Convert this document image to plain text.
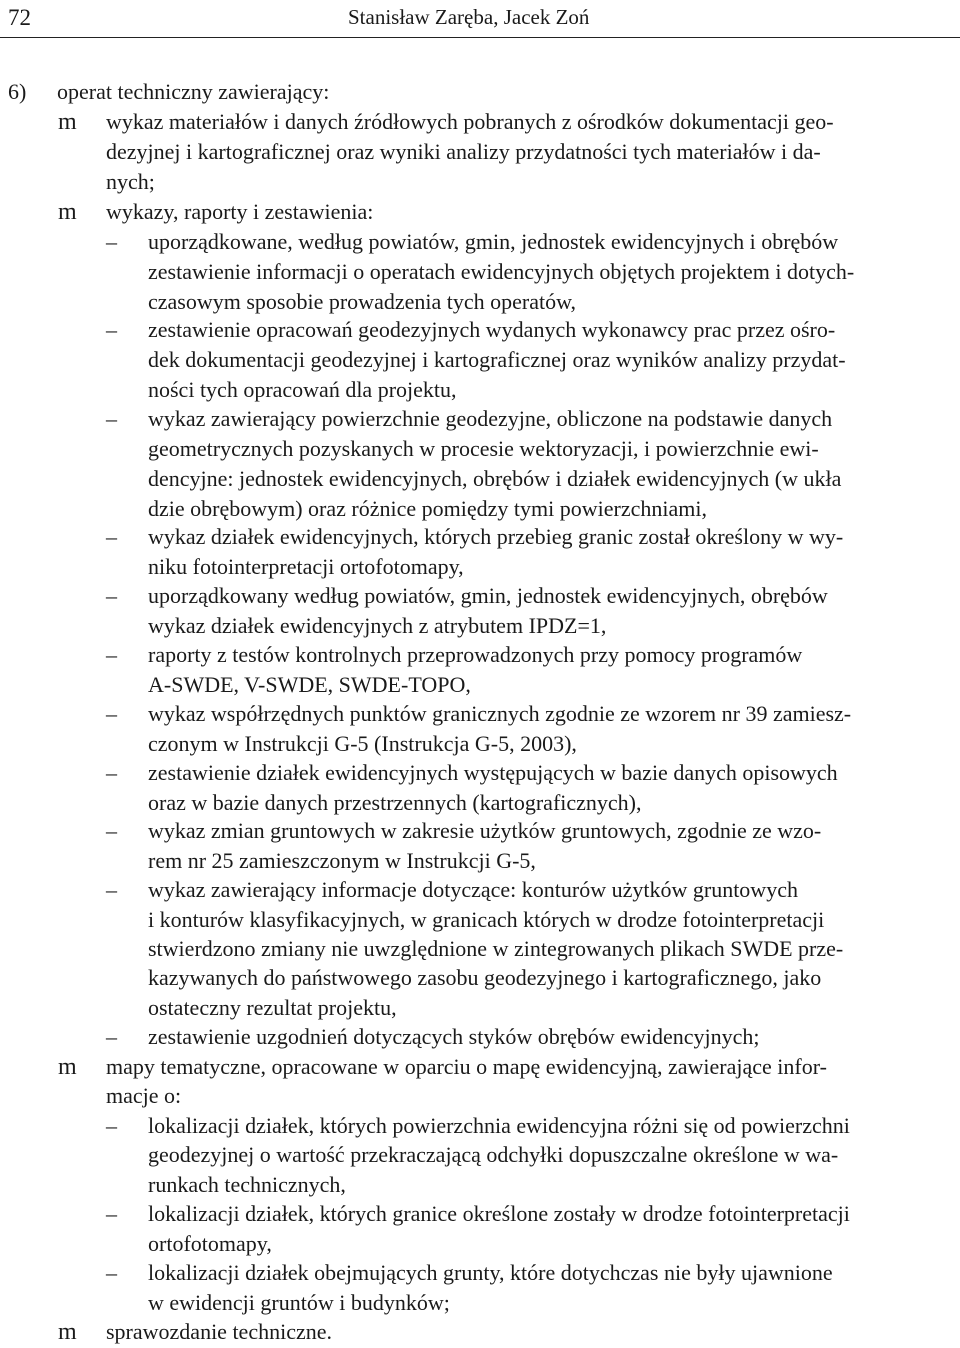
72	Stanisław Zaręba, Jacek Zoń
6) operat techniczny zawierający:
m wykaz materiałów i danych źródłowych pobranych z ośrodków dokumentacji geo-
dezyjnej i kartograficznej oraz wyniki analizy przydatności tych materiałów i da-
nych;
m wykazy, raporty i zestawienia:
– uporządkowane, według powiatów, gmin, jednostek ewidencyjnych i obrębów
zestawienie informacji o operatach ewidencyjnych objętych projektem i dotych-
czasowym sposobie prowadzenia tych operatów,
– zestawienie opracowań geodezyjnych wydanych wykonawcy prac przez ośro-
dek dokumentacji geodezyjnej i kartograficznej oraz wyników analizy przydat-
ności tych opracowań dla projektu,
– wykaz zawierający powierzchnie geodezyjne, obliczone na podstawie danych
geometrycznych pozyskanych w procesie wektoryzacji, i powierzchnie ewi-
dencyjne: jednostek ewidencyjnych, obrębów i działek ewidencyjnych (w ukła
dzie obrębowym) oraz różnice pomiędzy tymi powierzchniami,
– wykaz działek ewidencyjnych, których przebieg granic został określony w wy-
niku fotointerpretacji ortofotomapy,
– uporządkowany według powiatów, gmin, jednostek ewidencyjnych, obrębów
wykaz działek ewidencyjnych z atrybutem IPDZ=1,
– raporty z testów kontrolnych przeprowadzonych przy pomocy programów
A-SWDE, V-SWDE, SWDE-TOPO,
– wykaz współrzędnych punktów granicznych zgodnie ze wzorem nr 39 zamiesz-
czonym w Instrukcji G-5 (Instrukcja G-5, 2003),
– zestawienie działek ewidencyjnych występujących w bazie danych opisowych
oraz w bazie danych przestrzennych (kartograficznych),
– wykaz zmian gruntowych w zakresie użytków gruntowych, zgodnie ze wzo-
rem nr 25 zamieszczonym w Instrukcji G-5,
– wykaz zawierający informacje dotyczące: konturów użytków gruntowych
i konturów klasyfikacyjnych, w granicach których w drodze fotointerpretacji
stwierdzono zmiany nie uwzględnione w zintegrowanych plikach SWDE prze-
kazywanych do państwowego zasobu geodezyjnego i kartograficznego, jako
ostateczny rezultat projektu,
– zestawienie uzgodnień dotyczących styków obrębów ewidencyjnych;
m mapy tematyczne, opracowane w oparciu o mapę ewidencyjną, zawierające infor-
macje o:
– lokalizacji działek, których powierzchnia ewidencyjna różni się od powierzchni
geodezyjnej o wartość przekraczającą odchyłki dopuszczalne określone w wa-
runkach technicznych,
– lokalizacji działek, których granice określone zostały w drodze fotointerpretacji
ortofotomapy,
– lokalizacji działek obejmujących grunty, które dotychczas nie były ujawnione
w ewidencji gruntów i budynków;
m sprawozdanie techniczne.
